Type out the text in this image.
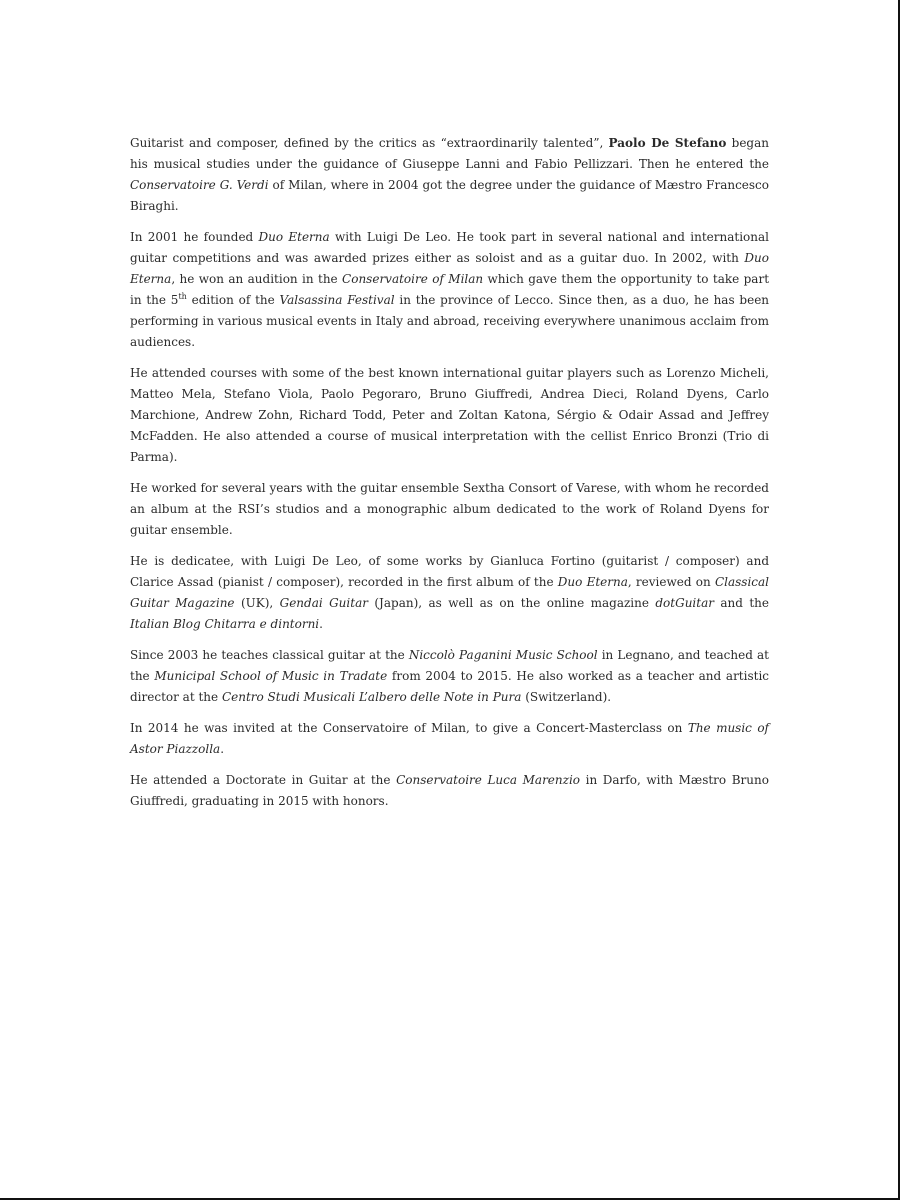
Guitarist and composer, defined by the critics as “extraordinarily talented”, Paolo De Stefano began his musical studies under the guidance of Giuseppe Lanni and Fabio Pellizzari. Then he entered the Conservatoire G. Verdi of Milan, where in 2004 got the degree under the guidance of Mæstro Francesco Biraghi.

In 2001 he founded Duo Eterna with Luigi De Leo. He took part in several national and international guitar competitions and was awarded prizes either as soloist and as a guitar duo. In 2002, with Duo Eterna, he won an audition in the Conservatoire of Milan which gave them the opportunity to take part in the 5th edition of the Valsassina Festival in the province of Lecco. Since then, as a duo, he has been performing in various musical events in Italy and abroad, receiving everywhere unanimous acclaim from audiences.

He attended courses with some of the best known international guitar players such as Lorenzo Micheli, Matteo Mela, Stefano Viola, Paolo Pegoraro, Bruno Giuffredi, Andrea Dieci, Roland Dyens, Carlo Marchione, Andrew Zohn, Richard Todd, Peter and Zoltan Katona, Sérgio & Odair Assad and Jeffrey McFadden. He also attended a course of musical interpretation with the cellist Enrico Bronzi (Trio di Parma).

He worked for several years with the guitar ensemble Sextha Consort of Varese, with whom he recorded an album at the RSI’s studios and a monographic album dedicated to the work of Roland Dyens for guitar ensemble.

He is dedicatee, with Luigi De Leo, of some works by Gianluca Fortino (guitarist / composer) and Clarice Assad (pianist / composer), recorded in the first album of the Duo Eterna, reviewed on Classical Guitar Magazine (UK), Gendai Guitar (Japan), as well as on the online magazine dotGuitar and the Italian Blog Chitarra e dintorni.

Since 2003 he teaches classical guitar at the Niccolò Paganini Music School in Legnano, and teached at the Municipal School of Music in Tradate from 2004 to 2015. He also worked as a teacher and artistic director at the Centro Studi Musicali L’albero delle Note in Pura (Switzerland).

In 2014 he was invited at the Conservatoire of Milan, to give a Concert-Masterclass on The music of Astor Piazzolla.

He attended a Doctorate in Guitar at the Conservatoire Luca Marenzio in Darfo, with Mæstro Bruno Giuffredi, graduating in 2015 with honors.
